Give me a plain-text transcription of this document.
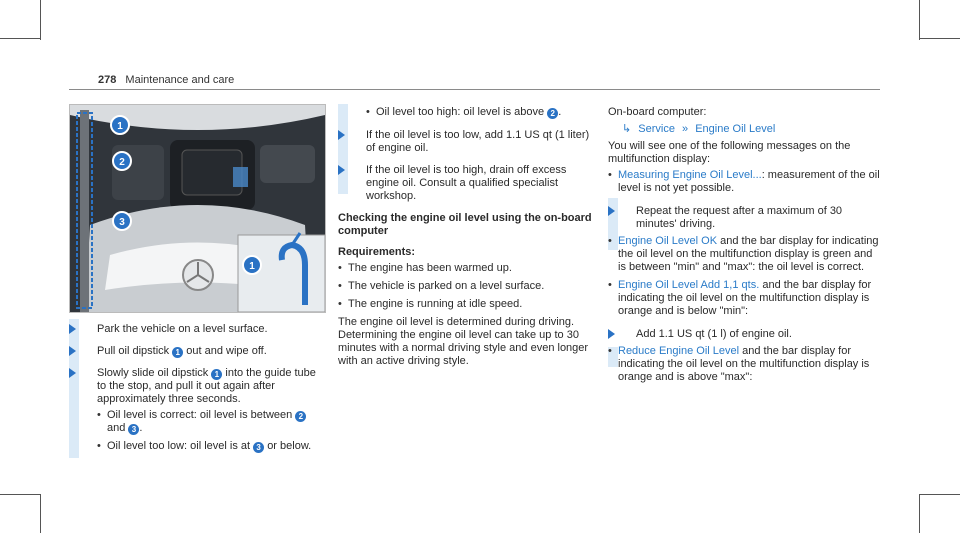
278 Maintenance and care
1
2
3
1
Park the vehicle on a level surface.
Pull oil dipstick 1 out and wipe off.
Slowly slide oil dipstick 1 into the guide tube to the stop, and pull it out again after approximately three seconds.
• Oil level is correct: oil level is between 2 and 3 .
• Oil level too low: oil level is at 3 or below.
• Oil level too high: oil level is above 2 .
If the oil level is too low, add 1.1 US qt (1 liter) of engine oil.
If the oil level is too high, drain off excess engine oil. Consult a qualified specialist workshop.
Checking the engine oil level using the on-board computer
Requirements:
• The engine has been warmed up.
• The vehicle is parked on a level surface.
• The engine is running at idle speed.

The engine oil level is determined during driving. Determining the engine oil level can take up to 30 minutes with a normal driving style and even longer with an active driving style.

On-board computer:

↳ Service » Engine Oil Level

You will see one of the following messages on the multifunction display:

• Measuring Engine Oil Level...: measurement of the oil level is not yet possible.
Repeat the request after a maximum of 30 minutes' driving.
• Engine Oil Level OK and the bar display for indicating the oil level on the multifunction display is green and is between "min" and "max": the oil level is correct.
• Engine Oil Level Add 1,1 qts. and the bar display for indicating the oil level on the multifunction display is orange and is below "min":
Add 1.1 US qt (1 l) of engine oil.
• Reduce Engine Oil Level and the bar display for indicating the oil level on the multifunction display is orange and is above "max":
